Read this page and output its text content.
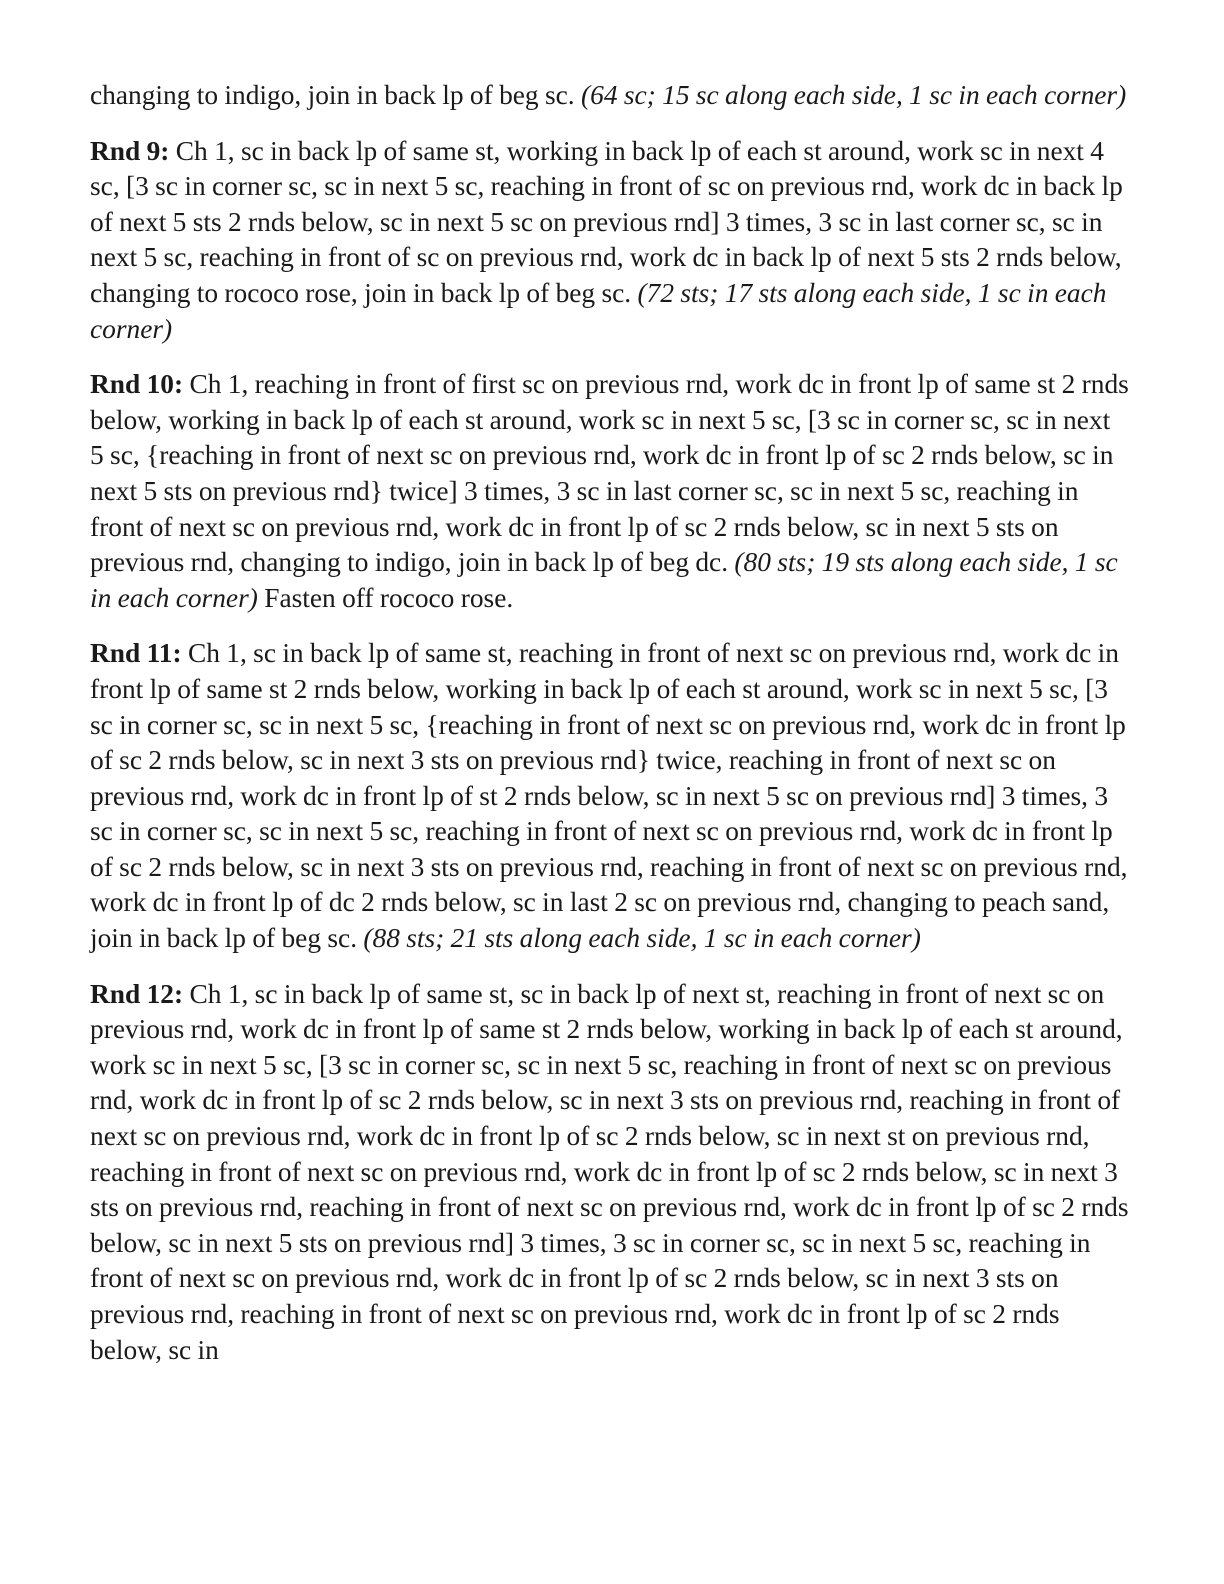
changing to indigo, join in back lp of beg sc. (64 sc; 15 sc along each side, 1 sc in each corner)

Rnd 9: Ch 1, sc in back lp of same st, working in back lp of each st around, work sc in next 4 sc, [3 sc in corner sc, sc in next 5 sc, reaching in front of sc on previous rnd, work dc in back lp of next 5 sts 2 rnds below, sc in next 5 sc on previous rnd] 3 times, 3 sc in last corner sc, sc in next 5 sc, reaching in front of sc on previous rnd, work dc in back lp of next 5 sts 2 rnds below, changing to rococo rose, join in back lp of beg sc. (72 sts; 17 sts along each side, 1 sc in each corner)

Rnd 10: Ch 1, reaching in front of first sc on previous rnd, work dc in front lp of same st 2 rnds below, working in back lp of each st around, work sc in next 5 sc, [3 sc in corner sc, sc in next 5 sc, {reaching in front of next sc on previous rnd, work dc in front lp of sc 2 rnds below, sc in next 5 sts on previous rnd} twice] 3 times, 3 sc in last corner sc, sc in next 5 sc, reaching in front of next sc on previous rnd, work dc in front lp of sc 2 rnds below, sc in next 5 sts on previous rnd, changing to indigo, join in back lp of beg dc. (80 sts; 19 sts along each side, 1 sc in each corner) Fasten off rococo rose.

Rnd 11: Ch 1, sc in back lp of same st, reaching in front of next sc on previous rnd, work dc in front lp of same st 2 rnds below, working in back lp of each st around, work sc in next 5 sc, [3 sc in corner sc, sc in next 5 sc, {reaching in front of next sc on previous rnd, work dc in front lp of sc 2 rnds below, sc in next 3 sts on previous rnd} twice, reaching in front of next sc on previous rnd, work dc in front lp of st 2 rnds below, sc in next 5 sc on previous rnd] 3 times, 3 sc in corner sc, sc in next 5 sc, reaching in front of next sc on previous rnd, work dc in front lp of sc 2 rnds below, sc in next 3 sts on previous rnd, reaching in front of next sc on previous rnd, work dc in front lp of dc 2 rnds below, sc in last 2 sc on previous rnd, changing to peach sand, join in back lp of beg sc. (88 sts; 21 sts along each side, 1 sc in each corner)

Rnd 12: Ch 1, sc in back lp of same st, sc in back lp of next st, reaching in front of next sc on previous rnd, work dc in front lp of same st 2 rnds below, working in back lp of each st around, work sc in next 5 sc, [3 sc in corner sc, sc in next 5 sc, reaching in front of next sc on previous rnd, work dc in front lp of sc 2 rnds below, sc in next 3 sts on previous rnd, reaching in front of next sc on previous rnd, work dc in front lp of sc 2 rnds below, sc in next st on previous rnd, reaching in front of next sc on previous rnd, work dc in front lp of sc 2 rnds below, sc in next 3 sts on previous rnd, reaching in front of next sc on previous rnd, work dc in front lp of sc 2 rnds below, sc in next 5 sts on previous rnd] 3 times, 3 sc in corner sc, sc in next 5 sc, reaching in front of next sc on previous rnd, work dc in front lp of sc 2 rnds below, sc in next 3 sts on previous rnd, reaching in front of next sc on previous rnd, work dc in front lp of sc 2 rnds below, sc in
